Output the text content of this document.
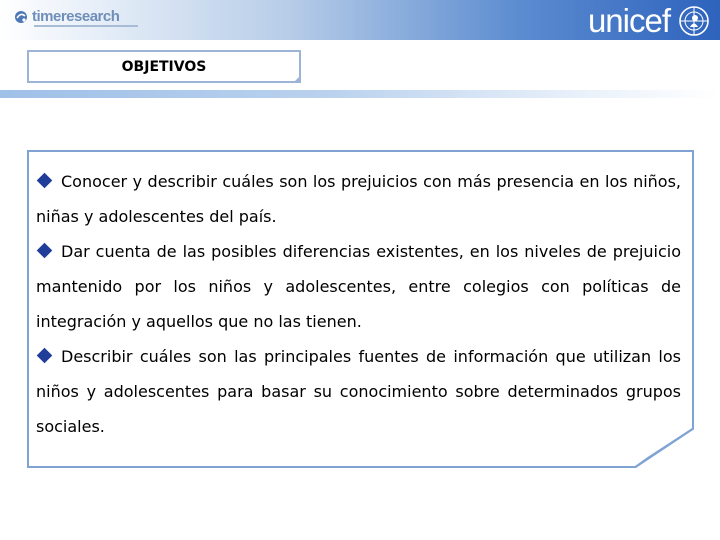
timeresearch	unicef
OBJETIVOS

Conocer y describir cuáles son los prejuicios con más presencia en los niños, niñas y adolescentes del país.

Dar cuenta de las posibles diferencias existentes, en los niveles de prejuicio mantenido por los niños y adolescentes, entre colegios con políticas de integración y aquellos que no las tienen.

Describir cuáles son las principales fuentes de información que utilizan los niños y adolescentes para basar su conocimiento sobre determinados grupos sociales.
